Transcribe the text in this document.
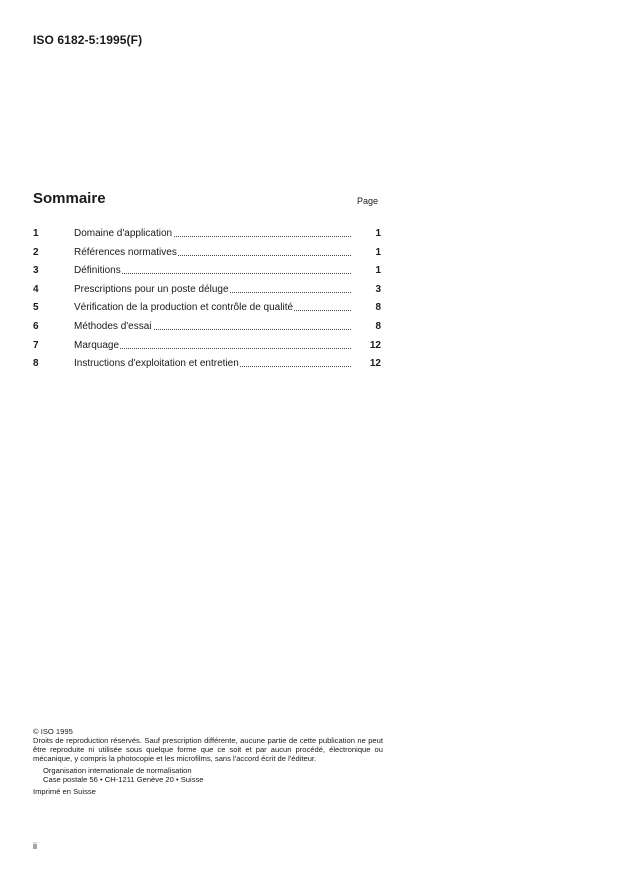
ISO 6182-5:1995(F)
Sommaire	Page
1	Domaine d'application	1
2	Références normatives	1
3	Définitions	1
4	Prescriptions pour un poste déluge	3
5	Vérification de la production et contrôle de qualité	8
6	Méthodes d'essai	8
7	Marquage	12
8	Instructions d'exploitation et entretien	12

© ISO 1995

Droits de reproduction réservés. Sauf prescription différente, aucune partie de cette publication ne peut être reproduite ni utilisée sous quelque forme que ce soit et par aucun procédé, électronique ou mécanique, y compris la photocopie et les microfilms, sans l'accord écrit de l'éditeur.

Organisation internationale de normalisation

Case postale 56 • CH-1211 Genève 20 • Suisse

Imprimé en Suisse

ii
